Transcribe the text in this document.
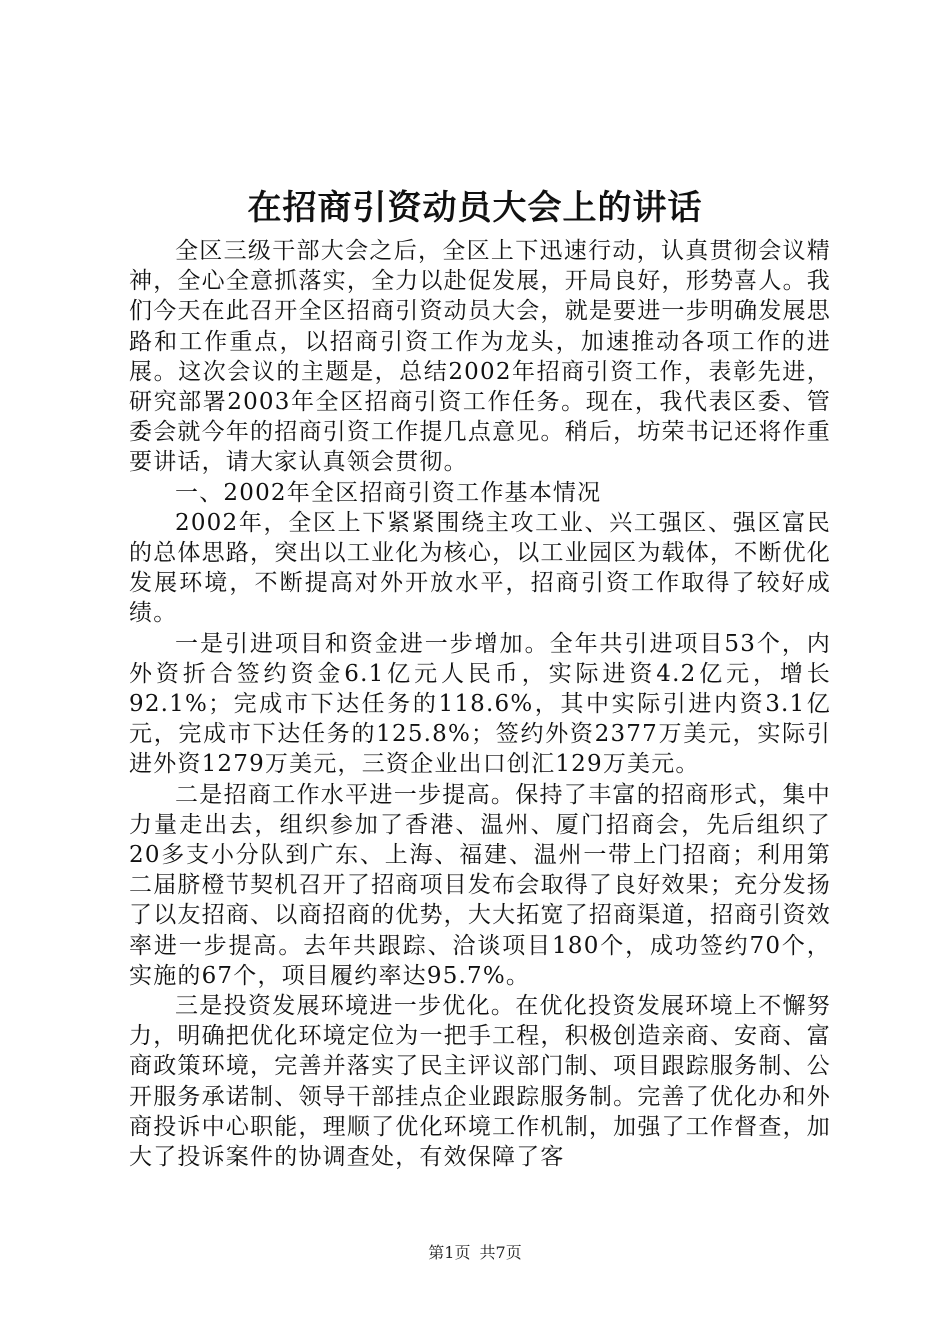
在招商引资动员大会上的讲话

全区三级干部大会之后，全区上下迅速行动，认真贯彻会议精神，全心全意抓落实，全力以赴促发展，开局良好，形势喜人。我们今天在此召开全区招商引资动员大会，就是要进一步明确发展思路和工作重点，以招商引资工作为龙头，加速推动各项工作的进展。这次会议的主题是，总结2002年招商引资工作，表彰先进，研究部署2003年全区招商引资工作任务。现在，我代表区委、管委会就今年的招商引资工作提几点意见。稍后，坊荣书记还将作重要讲话，请大家认真领会贯彻。

一、2002年全区招商引资工作基本情况

2002年，全区上下紧紧围绕主攻工业、兴工强区、强区富民的总体思路，突出以工业化为核心，以工业园区为载体，不断优化发展环境，不断提高对外开放水平，招商引资工作取得了较好成绩。

一是引进项目和资金进一步增加。全年共引进项目53个，内外资折合签约资金6.1亿元人民币，实际进资4.2亿元，增长92.1%；完成市下达任务的118.6%，其中实际引进内资3.1亿元，完成市下达任务的125.8%；签约外资2377万美元，实际引进外资1279万美元，三资企业出口创汇129万美元。

二是招商工作水平进一步提高。保持了丰富的招商形式，集中力量走出去，组织参加了香港、温州、厦门招商会，先后组织了20多支小分队到广东、上海、福建、温州一带上门招商；利用第二届脐橙节契机召开了招商项目发布会取得了良好效果；充分发扬了以友招商、以商招商的优势，大大拓宽了招商渠道，招商引资效率进一步提高。去年共跟踪、洽谈项目180个，成功签约70个，实施的67个，项目履约率达95.7%。

三是投资发展环境进一步优化。在优化投资发展环境上不懈努力，明确把优化环境定位为一把手工程，积极创造亲商、安商、富商政策环境，完善并落实了民主评议部门制、项目跟踪服务制、公开服务承诺制、领导干部挂点企业跟踪服务制。完善了优化办和外商投诉中心职能，理顺了优化环境工作机制，加强了工作督查，加大了投诉案件的协调查处，有效保障了客

第1页 共7页
